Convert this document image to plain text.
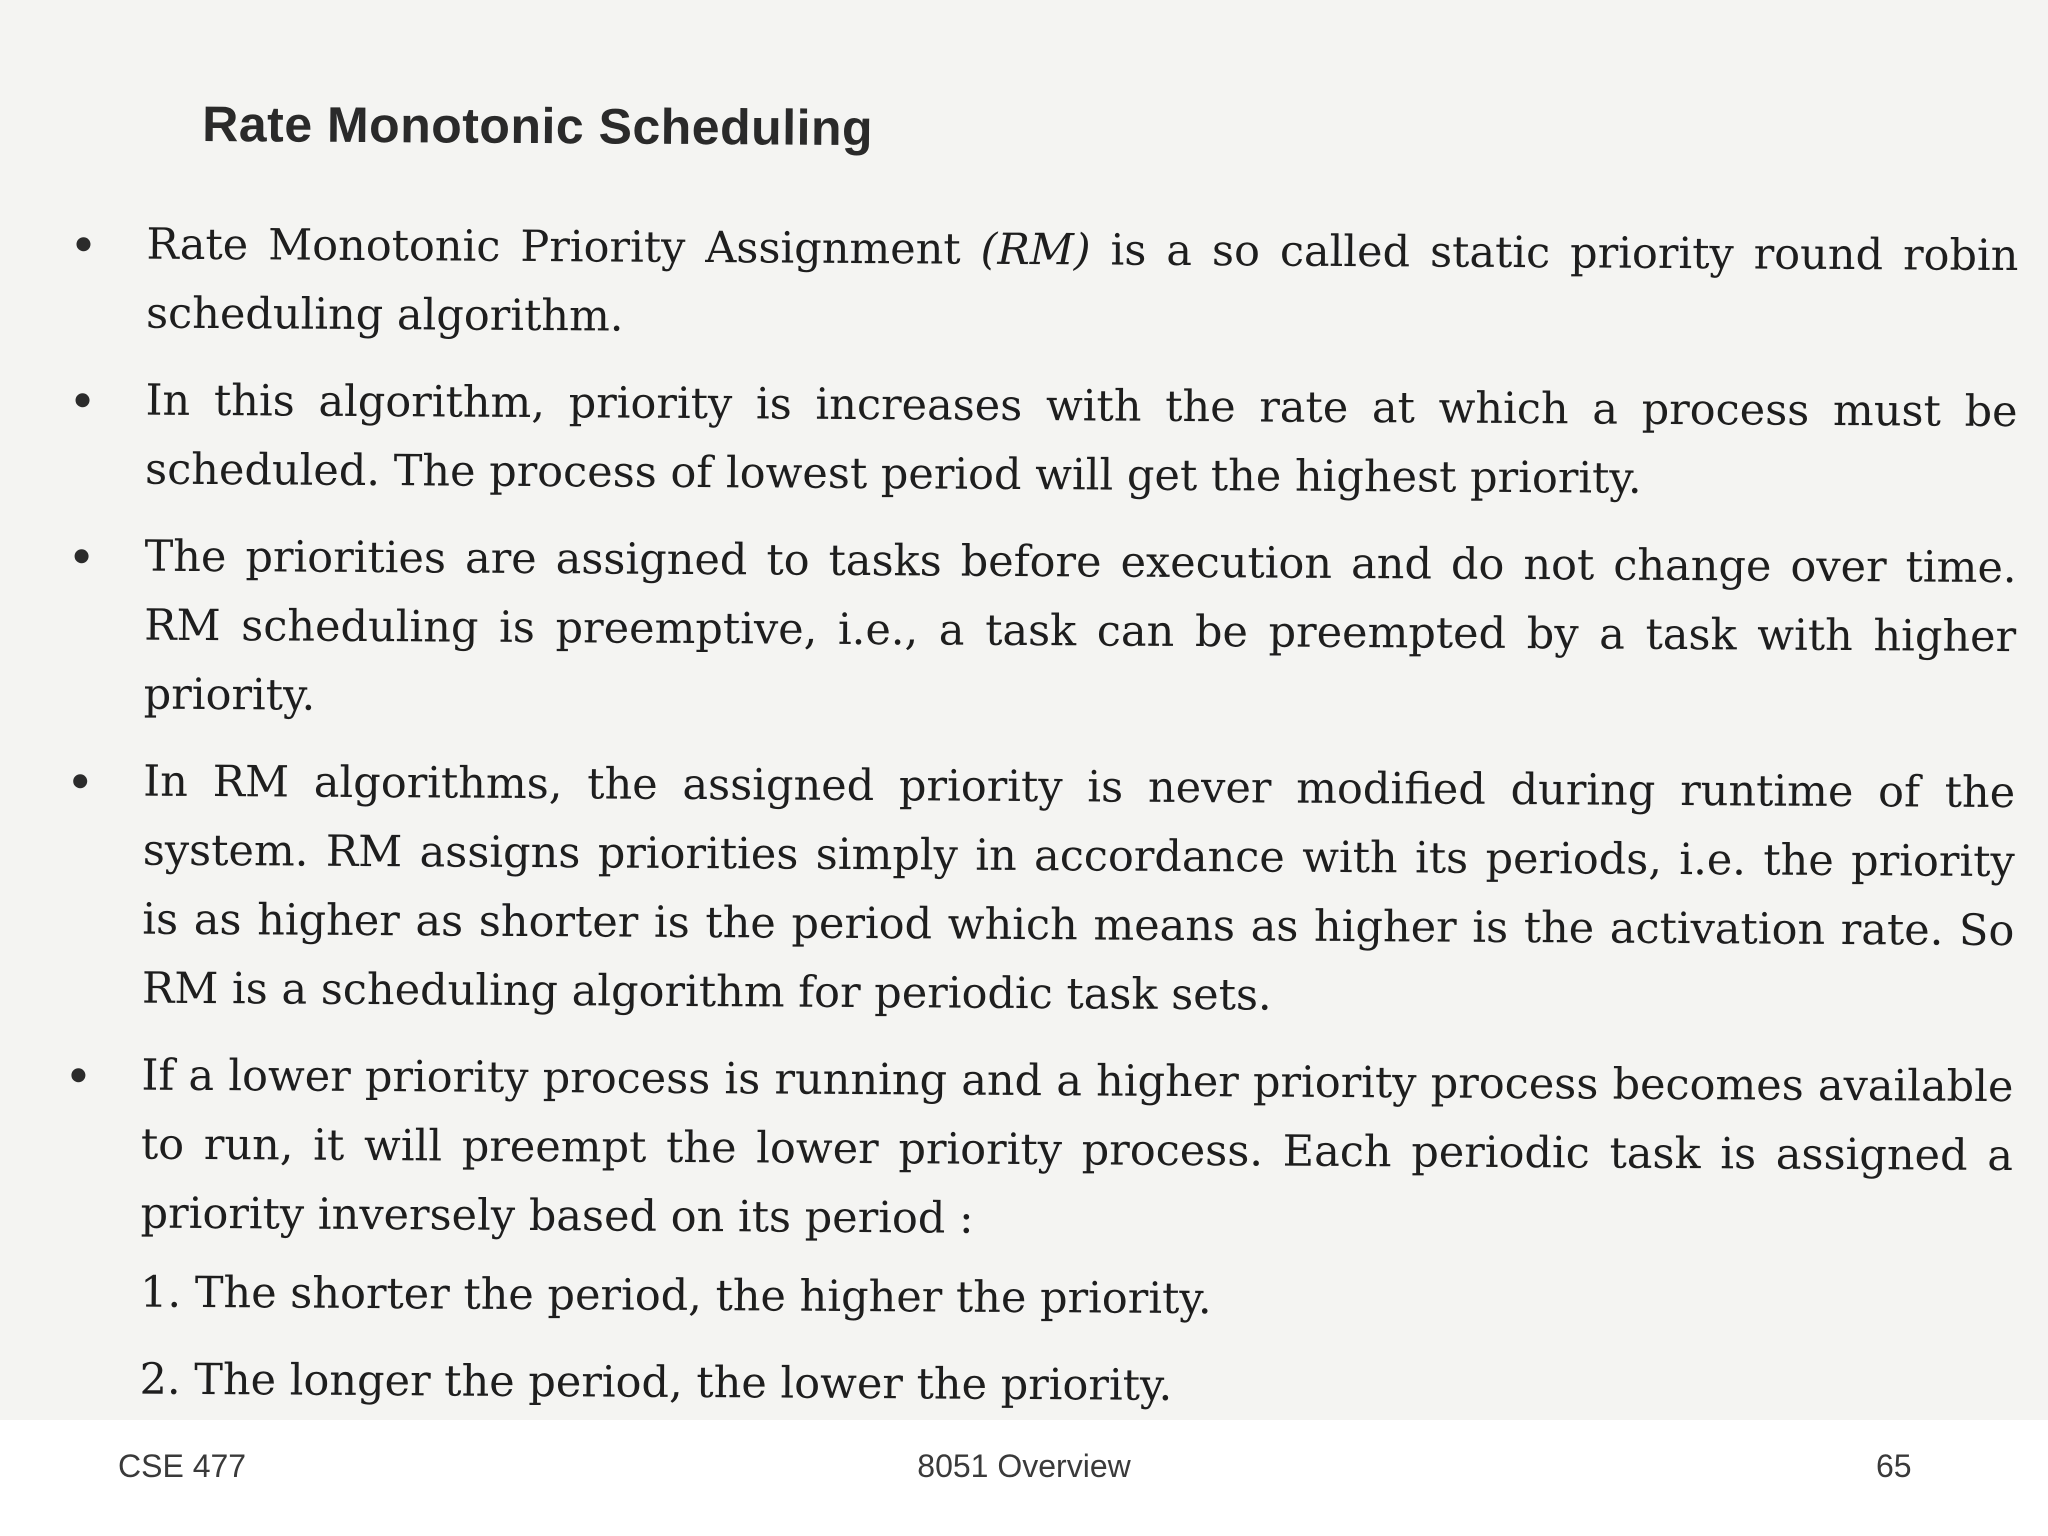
Rate Monotonic Scheduling
Rate Monotonic Priority Assignment (RM) is a so called static priority round robin scheduling algorithm.
In this algorithm, priority is increases with the rate at which a process must be scheduled. The process of lowest period will get the highest priority.
The priorities are assigned to tasks before execution and do not change over time. RM scheduling is preemptive, i.e., a task can be preempted by a task with higher priority.
In RM algorithms, the assigned priority is never modified during runtime of the system. RM assigns priorities simply in accordance with its periods, i.e. the priority is as higher as shorter is the period which means as higher is the activation rate. So RM is a scheduling algorithm for periodic task sets.
If a lower priority process is running and a higher priority process becomes available to run, it will preempt the lower priority process. Each periodic task is assigned a priority inversely based on its period :
1. The shorter the period, the higher the priority.
2. The longer the period, the lower the priority.
CSE 477	8051 Overview	65
